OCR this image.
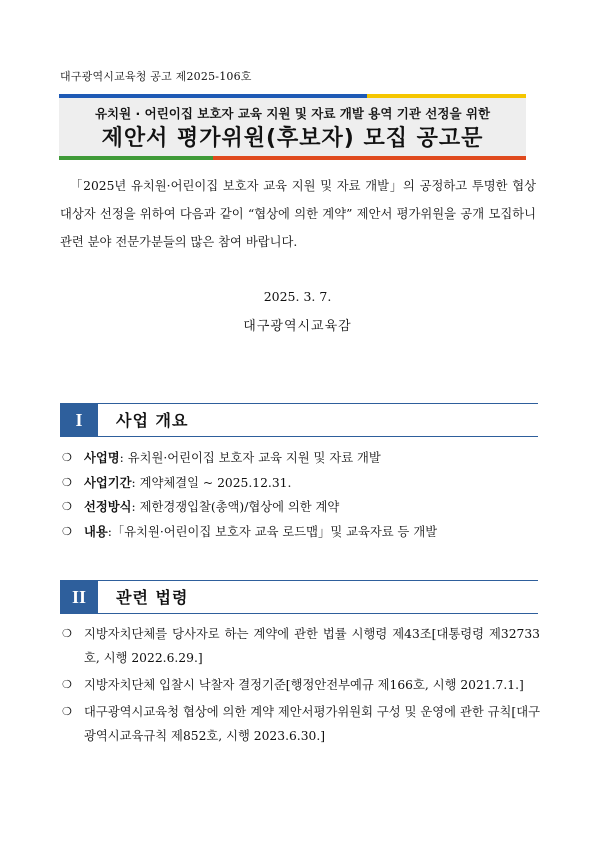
대구광역시교육청 공고 제2025-106호
유치원 · 어린이집 보호자 교육 지원 및 자료 개발 용역 기관 선정을 위한
제안서 평가위원(후보자) 모집 공고문
「2025년 유치원·어린이집 보호자 교육 지원 및 자료 개발」의 공정하고 투명한 협상대상자 선정을 위하여 다음과 같이 “협상에 의한 계약” 제안서 평가위원을 공개 모집하니 관련 분야 전문가분들의 많은 참여 바랍니다.
2025. 3. 7.
대구광역시교육감
I	사업 개요
❍ 사업명: 유치원·어린이집 보호자 교육 지원 및 자료 개발
❍ 사업기간: 계약체결일 ~ 2025.12.31.
❍ 선정방식: 제한경쟁입찰(총액)/협상에 의한 계약
❍ 내용:「유치원·어린이집 보호자 교육 로드맵」및 교육자료 등 개발
II	관련 법령
❍ 지방자치단체를 당사자로 하는 계약에 관한 법률 시행령 제43조[대통령령 제32733호, 시행 2022.6.29.]
❍ 지방자치단체 입찰시 낙찰자 결정기준[행정안전부예규 제166호, 시행 2021.7.1.]
❍ 대구광역시교육청 협상에 의한 계약 제안서평가위원회 구성 및 운영에 관한 규칙[대구광역시교육규칙 제852호, 시행 2023.6.30.]
